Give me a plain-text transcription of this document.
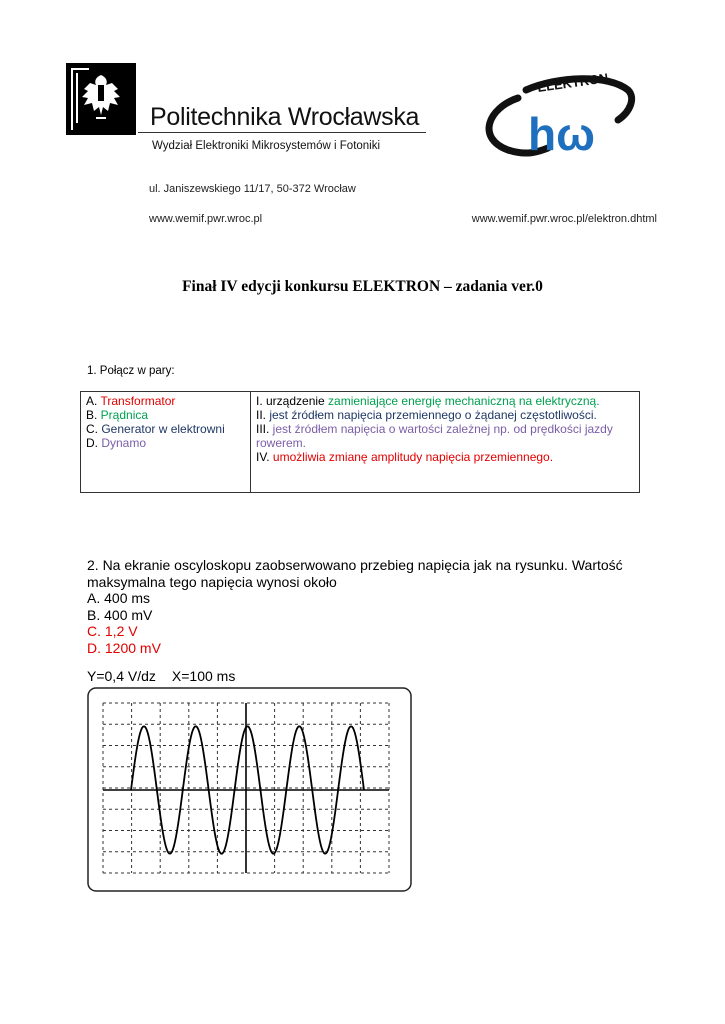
Politechnika Wrocławska
Wydział Elektroniki Mikrosystemów i Fotoniki
ELEKTRON
hω
ul. Janiszewskiego 11/17, 50-372 Wrocław
www.wemif.pwr.wroc.pl	www.wemif.pwr.wroc.pl/elektron.dhtml
Finał IV edycji konkursu ELEKTRON – zadania ver.0
1. Połącz w pary:
A. Transformator
B. Prądnica
C. Generator w elektrowni
D. Dynamo

I. urządzenie zamieniające energię mechaniczną na elektryczną.
II. jest źródłem napięcia przemiennego o żądanej częstotliwości.
III. jest źródłem napięcia o wartości zależnej np. od prędkości jazdy rowerem.
IV. umożliwia zmianę amplitudy napięcia przemiennego.
2. Na ekranie oscyloskopu zaobserwowano przebieg napięcia jak na rysunku. Wartość
maksymalna tego napięcia wynosi około
A. 400 ms
B. 400 mV
C. 1,2 V
D. 1200 mV
Y=0,4 V/dz X=100 ms
